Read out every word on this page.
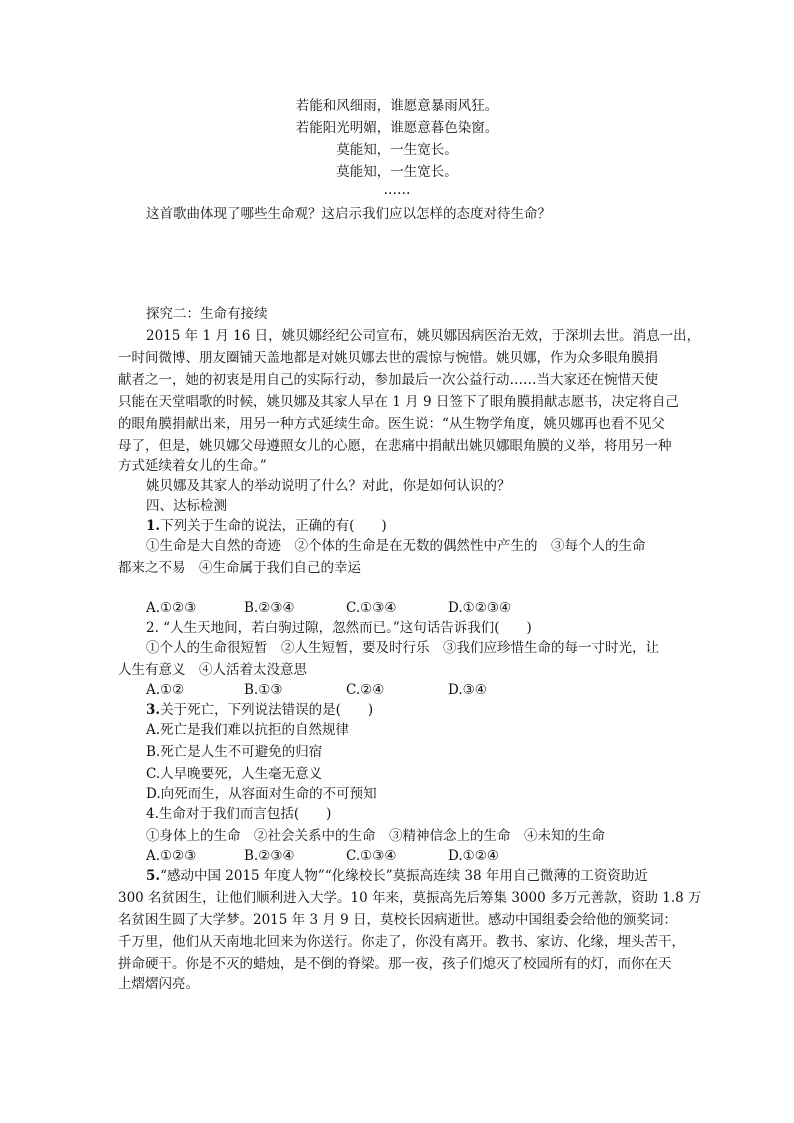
若能和风细雨，谁愿意暴雨风狂。
若能阳光明媚，谁愿意暮色染窗。
莫能知，一生宽长。
莫能知，一生宽长。
……
这首歌曲体现了哪些生命观？这启示我们应以怎样的态度对待生命？
探究二：生命有接续
2015 年 1 月 16 日，姚贝娜经纪公司宣布，姚贝娜因病医治无效，于深圳去世。消息一出，
一时间微博、朋友圈铺天盖地都是对姚贝娜去世的震惊与惋惜。姚贝娜，作为众多眼角膜捐
献者之一，她的初衷是用自己的实际行动，参加最后一次公益行动……当大家还在惋惜天使
只能在天堂唱歌的时候，姚贝娜及其家人早在 1 月 9 日签下了眼角膜捐献志愿书，决定将自己
的眼角膜捐献出来，用另一种方式延续生命。医生说：“从生物学角度，姚贝娜再也看不见父
母了，但是，姚贝娜父母遵照女儿的心愿，在悲痛中捐献出姚贝娜眼角膜的义举，将用另一种
方式延续着女儿的生命。”
姚贝娜及其家人的举动说明了什么？对此，你是如何认识的？
四、达标检测
1.下列关于生命的说法，正确的有(　　)
①生命是大自然的奇迹　②个体的生命是在无数的偶然性中产生的　③每个人的生命
都来之不易　④生命属于我们自己的幸运
A.①②③	B.②③④	C.①③④	D.①②③④
2. “人生天地间，若白驹过隙，忽然而已。”这句话告诉我们(　　)
①个人的生命很短暂　②人生短暂，要及时行乐　③我们应珍惜生命的每一寸时光，让
人生有意义　④人活着太没意思
A.①②	B.①③	C.②④	D.③④
3.关于死亡，下列说法错误的是(　　)
A.死亡是我们难以抗拒的自然规律
B.死亡是人生不可避免的归宿
C.人早晚要死，人生毫无意义
D.向死而生，从容面对生命的不可预知
4.生命对于我们而言包括(　　)
①身体上的生命　②社会关系中的生命　③精神信念上的生命　④未知的生命
A.①②③	B.②③④	C.①③④	D.①②④
5.“感动中国 2015 年度人物”“化缘校长”莫振高连续 38 年用自己微薄的工资资助近
300 名贫困生，让他们顺利进入大学。10 年来，莫振高先后筹集 3000 多万元善款，资助 1.8 万
名贫困生圆了大学梦。2015 年 3 月 9 日，莫校长因病逝世。感动中国组委会给他的颁奖词：
千万里，他们从天南地北回来为你送行。你走了，你没有离开。教书、家访、化缘，埋头苦干，
拼命硬干。你是不灭的蜡烛，是不倒的脊梁。那一夜，孩子们熄灭了校园所有的灯，而你在天
上熠熠闪亮。
